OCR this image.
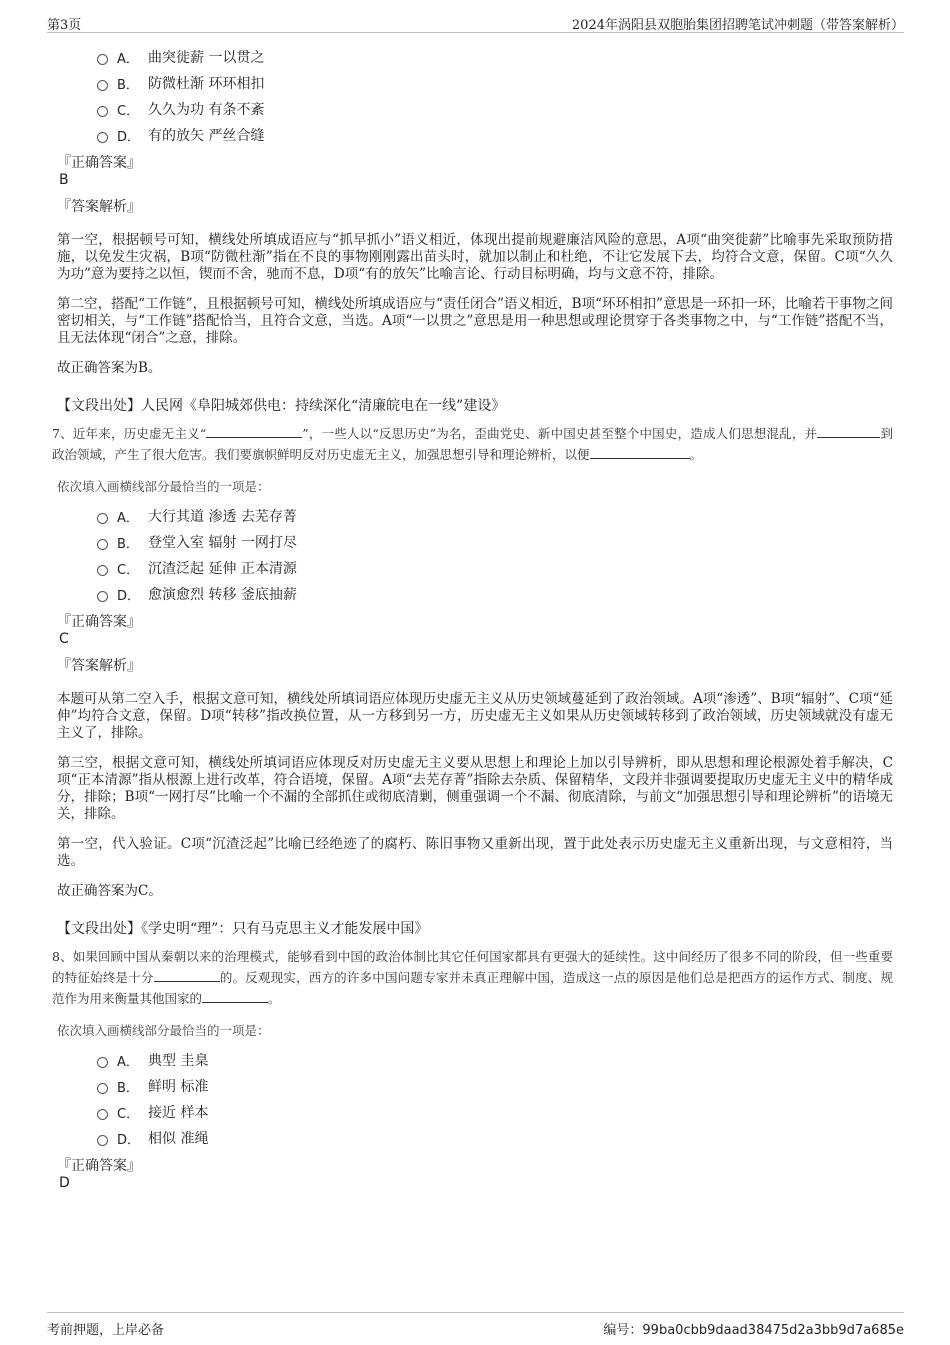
第3页	2024年涡阳县双胞胎集团招聘笔试冲刺题（带答案解析）
A． 曲突徙薪 一以贯之
B． 防微杜渐 环环相扣
C． 久久为功 有条不紊
D． 有的放矢 严丝合缝
『正确答案』
B
『答案解析』
第一空，根据顿号可知，横线处所填成语应与“抓早抓小”语义相近，体现出提前规避廉洁风险的意思，A项“曲突徙薪”比喻事先采取预防措施，以免发生灾祸，B项“防微杜渐”指在不良的事物刚刚露出苗头时，就加以制止和杜绝，不让它发展下去，均符合文意，保留。C项“久久为功”意为要持之以恒，锲而不舍，驰而不息，D项“有的放矢”比喻言论、行动目标明确，均与文意不符，排除。
第二空，搭配“工作链”，且根据顿号可知，横线处所填成语应与“责任闭合”语义相近，B项“环环相扣”意思是一环扣一环，比喻若干事物之间密切相关，与“工作链”搭配恰当，且符合文意，当选。A项“一以贯之”意思是用一种思想或理论贯穿于各类事物之中，与“工作链”搭配不当，且无法体现“闭合”之意，排除。
故正确答案为B。
【文段出处】人民网《阜阳城郊供电：持续深化“清廉皖电在一线”建设》
7、近年来，历史虚无主义“	”，一些人以“反思历史”为名，歪曲党史、新中国史甚至整个中国史，造成人们思想混乱，并	到政治领域，产生了很大危害。我们要旗帜鲜明反对历史虚无主义，加强思想引导和理论辨析，以便	。
依次填入画横线部分最恰当的一项是：
A． 大行其道 渗透 去芜存菁
B． 登堂入室 辐射 一网打尽
C． 沉渣泛起 延伸 正本清源
D． 愈演愈烈 转移 釜底抽薪
『正确答案』
C
『答案解析』
本题可从第二空入手，根据文意可知，横线处所填词语应体现历史虚无主义从历史领域蔓延到了政治领域。A项“渗透”、B项“辐射”、C项“延伸”均符合文意，保留。D项“转移”指改换位置，从一方移到另一方，历史虚无主义如果从历史领域转移到了政治领域，历史领域就没有虚无主义了，排除。
第三空，根据文意可知，横线处所填词语应体现反对历史虚无主义要从思想上和理论上加以引导辨析，即从思想和理论根源处着手解决，C项“正本清源”指从根源上进行改革，符合语境，保留。A项“去芜存菁”指除去杂质、保留精华，文段并非强调要提取历史虚无主义中的精华成分，排除；B项“一网打尽”比喻一个不漏的全部抓住或彻底清剿，侧重强调一个不漏、彻底清除，与前文“加强思想引导和理论辨析”的语境无关，排除。
第一空，代入验证。C项“沉渣泛起”比喻已经绝迹了的腐朽、陈旧事物又重新出现，置于此处表示历史虚无主义重新出现，与文意相符，当选。
故正确答案为C。
【文段出处】《学史明“理”：只有马克思主义才能发展中国》
8、如果回顾中国从秦朝以来的治理模式，能够看到中国的政治体制比其它任何国家都具有更强大的延续性。这中间经历了很多不同的阶段，但一些重要的特征始终是十分	的。反观现实，西方的许多中国问题专家并未真正理解中国，造成这一点的原因是他们总是把西方的运作方式、制度、规范作为用来衡量其他国家的	。
依次填入画横线部分最恰当的一项是：
A． 典型 圭臬
B． 鲜明 标准
C． 接近 样本
D． 相似 准绳
『正确答案』
D
考前押题，上岸必备	编号：99ba0cbb9daad38475d2a3bb9d7a685e
